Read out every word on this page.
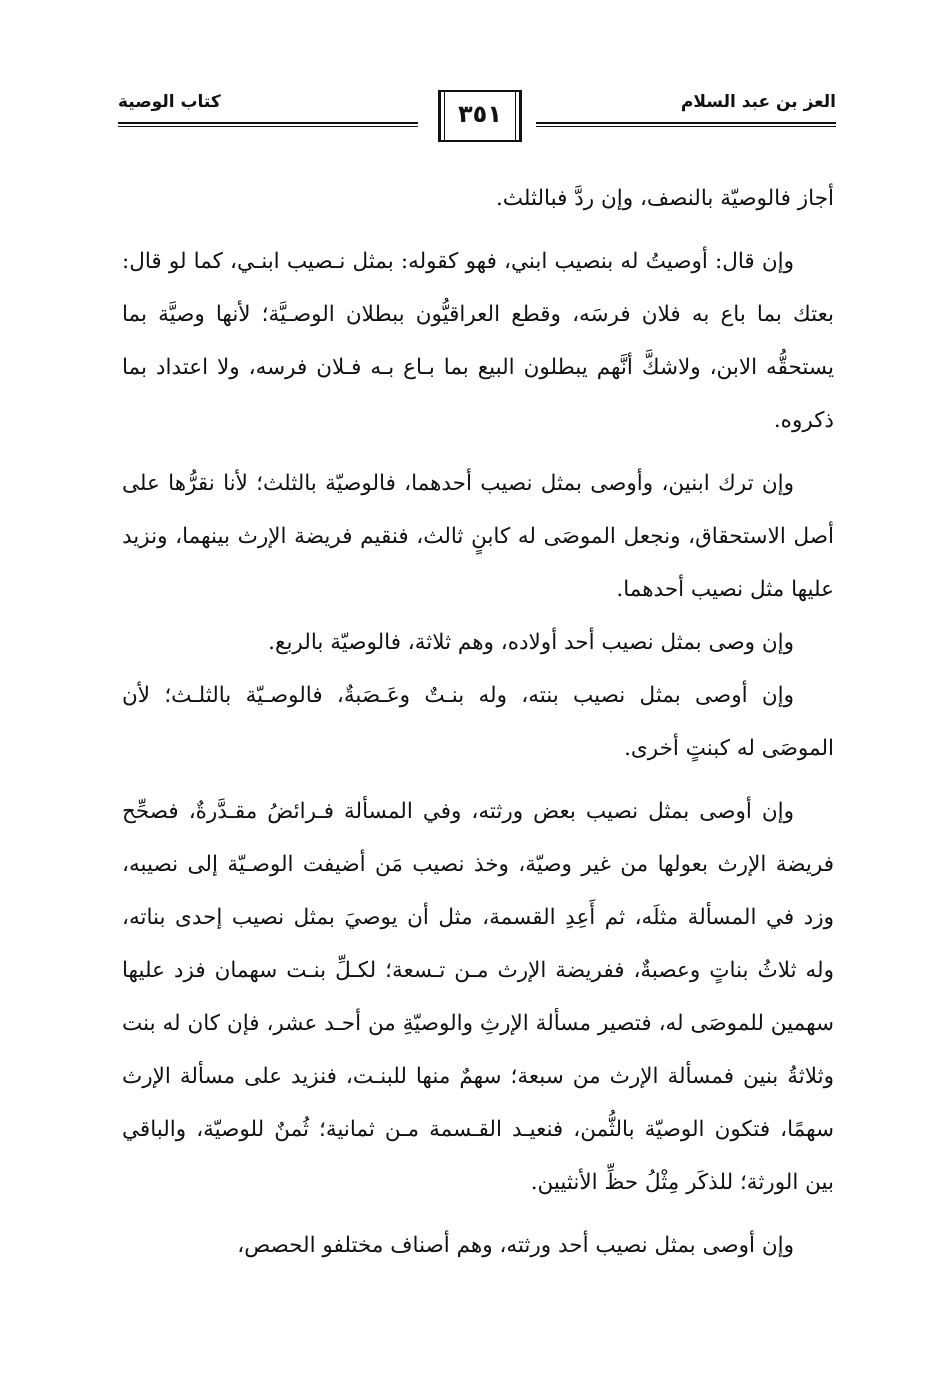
العز بن عبد السلام
كتاب الوصية	٣٥١

أجاز فالوصيّة بالنصف، وإن ردَّ فبالثلث.

وإن قال: أوصيتُ له بنصيب ابني، فهو كقوله: بمثل نـصيب ابنـي، كما لو قال: بعتك بما باع به فلان فرسَه، وقطع العراقيُّون ببطلان الوصـيَّة؛ لأنها وصيَّة بما يستحقُّه الابن، ولاشكَّ أنَّهم يبطلون البيع بما بـاع بـه فـلان فرسه، ولا اعتداد بما ذكروه.

وإن ترك ابنين، وأوصى بمثل نصيب أحدهما، فالوصيّة بالثلث؛ لأنا نقرُّها على أصل الاستحقاق، ونجعل الموصَى له كابنٍ ثالث، فنقيم فريضة الإرث بينهما، ونزيد عليها مثل نصيب أحدهما.

وإن وصى بمثل نصيب أحد أولاده، وهم ثلاثة، فالوصيّة بالربع.

وإن أوصى بمثل نصيب بنته، وله بنـتٌ وعَـصَبةٌ، فالوصـيّة بالثلـث؛ لأن الموصَى له كبنتٍ أخرى.

وإن أوصى بمثل نصيب بعض ورثته، وفي المسألة فـرائضُ مقـدَّرةٌ، فصحِّح فريضة الإرث بعولها من غير وصيّة، وخذ نصيب مَن أضيفت الوصـيّة إلى نصيبه، وزد في المسألة مثلَه، ثم أَعِدِ القسمة، مثل أن يوصيَ بمثل نصيب إحدى بناته، وله ثلاثُ بناتٍ وعصبةٌ، ففريضة الإرث مـن تـسعة؛ لكـلِّ بنـت سهمان فزد عليها سهمين للموصَى له، فتصير مسألة الإرثِ والوصيّةِ من أحـد عشر، فإن كان له بنت وثلاثةُ بنين فمسألة الإرث من سبعة؛ سهمٌ منها للبنـت، فنزيد على مسألة الإرث سهمًا، فتكون الوصيّة بالثُّمن، فنعيـد القـسمة مـن ثمانية؛ ثُمنٌ للوصيّة، والباقي بين الورثة؛ للذكَر مِثْلُ حظِّ الأنثيين.

وإن أوصى بمثل نصيب أحد ورثته، وهم أصناف مختلفو الحصص،
